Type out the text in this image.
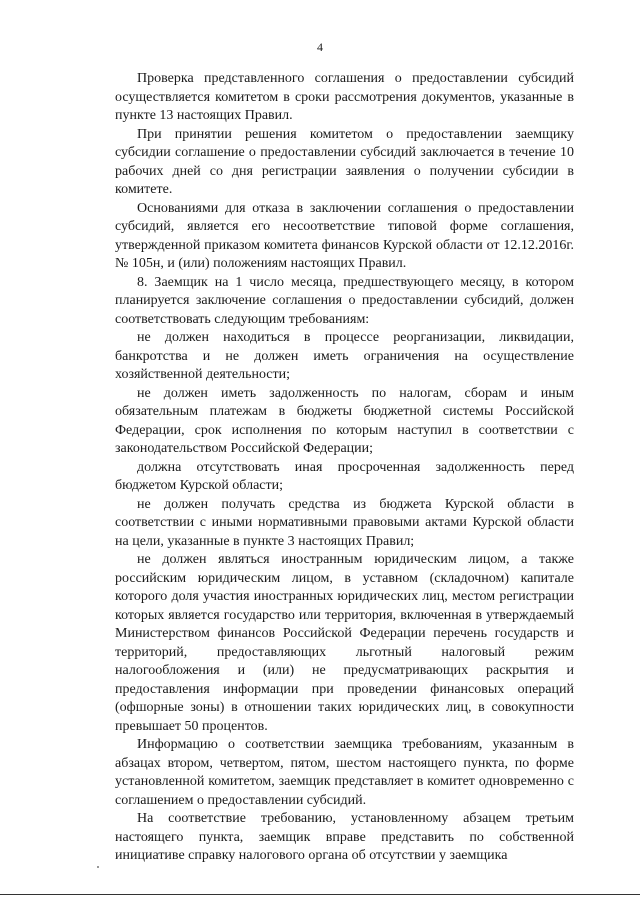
4

Проверка представленного соглашения о предоставлении субсидий осуществляется комитетом в сроки рассмотрения документов, указанные в пункте 13 настоящих Правил.

При принятии решения комитетом о предоставлении заемщику субсидии соглашение о предоставлении субсидий заключается в течение 10 рабочих дней со дня регистрации заявления о получении субсидии в комитете.

Основаниями для отказа в заключении соглашения о предоставлении субсидий, является его несоответствие типовой форме соглашения, утвержденной приказом комитета финансов Курской области от 12.12.2016г. № 105н, и (или) положениям настоящих Правил.

8. Заемщик на 1 число месяца, предшествующего месяцу, в котором планируется заключение соглашения о предоставлении субсидий, должен соответствовать следующим требованиям:

не должен находиться в процессе реорганизации, ликвидации, банкротства и не должен иметь ограничения на осуществление хозяйственной деятельности;

не должен иметь задолженность по налогам, сборам и иным обязательным платежам в бюджеты бюджетной системы Российской Федерации, срок исполнения по которым наступил в соответствии с законодательством Российской Федерации;

должна отсутствовать иная просроченная задолженность перед бюджетом Курской области;

не должен получать средства из бюджета Курской области в соответствии с иными нормативными правовыми актами Курской области на цели, указанные в пункте 3 настоящих Правил;

не должен являться иностранным юридическим лицом, а также российским юридическим лицом, в уставном (складочном) капитале которого доля участия иностранных юридических лиц, местом регистрации которых является государство или территория, включенная в утверждаемый Министерством финансов Российской Федерации перечень государств и территорий, предоставляющих льготный налоговый режим налогообложения и (или) не предусматривающих раскрытия и предоставления информации при проведении финансовых операций (офшорные зоны) в отношении таких юридических лиц, в совокупности превышает 50 процентов.

Информацию о соответствии заемщика требованиям, указанным в абзацах втором, четвертом, пятом, шестом настоящего пункта, по форме установленной комитетом, заемщик представляет в комитет одновременно с соглашением о предоставлении субсидий.

На соответствие требованию, установленному абзацем третьим настоящего пункта, заемщик вправе представить по собственной инициативе справку налогового органа об отсутствии у заемщика
